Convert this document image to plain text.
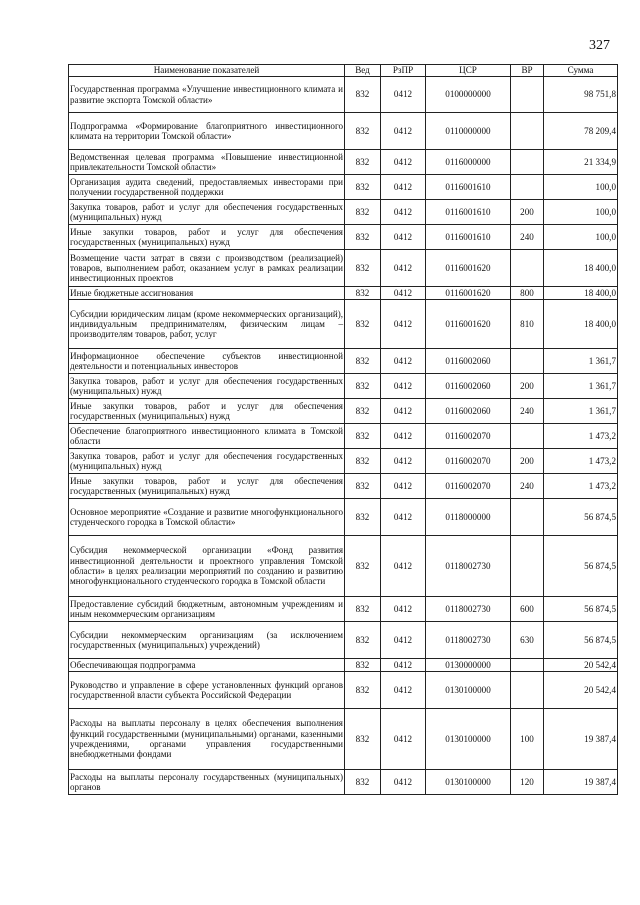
327
Наименование показателей	Вед	РзПР	ЦСР	ВР	Сумма
Государственная программа «Улучшение инвестиционного климата и развитие экспорта Томской области»	832	0412	0100000000		98 751,8
Подпрограмма «Формирование благоприятного инвестиционного климата на территории Томской области»	832	0412	0110000000		78 209,4
Ведомственная целевая программа «Повышение инвестиционной привлекательности Томской области»	832	0412	0116000000		21 334,9
Организация аудита сведений, предоставляемых инвесторами при получении государственной поддержки	832	0412	0116001610		100,0
Закупка товаров, работ и услуг для обеспечения государственных (муниципальных) нужд	832	0412	0116001610	200	100,0
Иные закупки товаров, работ и услуг для обеспечения государственных (муниципальных) нужд	832	0412	0116001610	240	100,0
Возмещение части затрат в связи с производством (реализацией) товаров, выполнением работ, оказанием услуг в рамках реализации инвестиционных проектов	832	0412	0116001620		18 400,0
Иные бюджетные ассигнования	832	0412	0116001620	800	18 400,0
Субсидии юридическим лицам (кроме некоммерческих организаций), индивидуальным предпринимателям, физическим лицам – производителям товаров, работ, услуг	832	0412	0116001620	810	18 400,0
Информационное обеспечение субъектов инвестиционной деятельности и потенциальных инвесторов	832	0412	0116002060		1 361,7
Закупка товаров, работ и услуг для обеспечения государственных (муниципальных) нужд	832	0412	0116002060	200	1 361,7
Иные закупки товаров, работ и услуг для обеспечения государственных (муниципальных) нужд	832	0412	0116002060	240	1 361,7
Обеспечение благоприятного инвестиционного климата в Томской области	832	0412	0116002070		1 473,2
Закупка товаров, работ и услуг для обеспечения государственных (муниципальных) нужд	832	0412	0116002070	200	1 473,2
Иные закупки товаров, работ и услуг для обеспечения государственных (муниципальных) нужд	832	0412	0116002070	240	1 473,2
Основное мероприятие «Создание и развитие многофункционального студенческого городка в Томской области»	832	0412	0118000000		56 874,5
Субсидия некоммерческой организации «Фонд развития инвестиционной деятельности и проектного управления Томской области» в целях реализации мероприятий по созданию и развитию многофункционального студенческого городка в Томской области	832	0412	0118002730		56 874,5
Предоставление субсидий бюджетным, автономным учреждениям и иным некоммерческим организациям	832	0412	0118002730	600	56 874,5
Субсидии некоммерческим организациям (за исключением государственных (муниципальных) учреждений)	832	0412	0118002730	630	56 874,5
Обеспечивающая подпрограмма	832	0412	0130000000		20 542,4
Руководство и управление в сфере установленных функций органов государственной власти субъекта Российской Федерации	832	0412	0130100000		20 542,4
Расходы на выплаты персоналу в целях обеспечения выполнения функций государственными (муниципальными) органами, казенными учреждениями, органами управления государственными внебюджетными фондами	832	0412	0130100000	100	19 387,4
Расходы на выплаты персоналу государственных (муниципальных) органов	832	0412	0130100000	120	19 387,4
